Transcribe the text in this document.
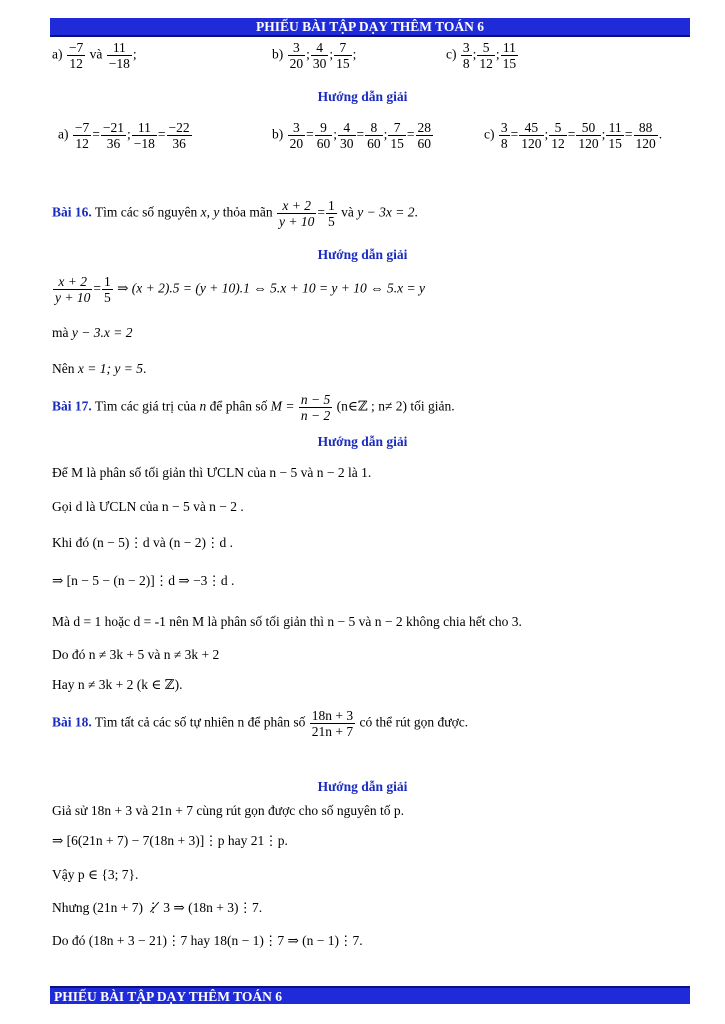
PHIẾU BÀI TẬP DẠY THÊM TOÁN 6
$a) \frac{-7}{12}$ và $\frac{11}{-18}$ ;	$b) \frac{3}{20}$ ; $\frac{4}{30}$ ; $\frac{7}{15}$ ;	$c) \frac{3}{8}$ ; $\frac{5}{12}$ ; $\frac{11}{15}$
Hướng dẫn giải
$a) \frac{-7}{12} = \frac{-21}{36}$ ; $\frac{11}{-18} = \frac{-22}{36}$	$b) \frac{3}{20} = \frac{9}{60}$ ; $\frac{4}{30} = \frac{8}{60}$ ; $\frac{7}{15} = \frac{28}{60}$	$c) \frac{3}{8} = \frac{45}{120}$ ; $\frac{5}{12} = \frac{50}{120}$ ; $\frac{11}{15} = \frac{88}{120}$ .
Bài 16. Tìm các số nguyên x, y thỏa mãn $\frac{x + 2}{y + 10} = \frac{1}{5}$ và y − 3x = 2.
Hướng dẫn giải
$\frac{x + 2}{y + 10} = \frac{1}{5}$ ⇒ (x + 2).5 = (y + 10).1 ⇔ 5.x + 10 = y + 10 ⇔ 5.x = y
mà y − 3.x = 2
Nên x = 1; y = 5.
Bài 17. Tìm các giá trị của n để phân số $M = \frac{n - 5}{n - 2}$ (n∈ℤ ; n≠ 2) tối giản.
Hướng dẫn giải
Để M là phân số tối giản thì ƯCLN của n − 5 và n − 2 là 1.
Gọi d là ƯCLN của n − 5 và n − 2 .
Khi đó (n − 5)⋮d và (n − 2)⋮d .
⇒ [n − 5 − (n − 2)]⋮d ⇒ −3⋮d .
Mà d = 1 hoặc d = -1 nên M là phân số tối giản thì n − 5 và n − 2 không chia hết cho 3.
Do đó n ≠ 3k + 5 và n ≠ 3k + 2
Hay n ≠ 3k + 2 (k ∈ ℤ).
Bài 18. Tìm tất cả các số tự nhiên n để phân số $\frac{18n + 3}{21n + 7}$ có thể rút gọn được.
Hướng dẫn giải
Giả sử 18n + 3 và 21n + 7 cùng rút gọn được cho số nguyên tố p.
⇒ [6(21n + 7) − 7(18n + 3)]⋮p hay 21⋮p.
Vậy p ∈ {3; 7}.
Nhưng (21n + 7) ⋮̸ 3 ⇒ (18n + 3)⋮7.
Do đó (18n + 3 − 21)⋮7 hay 18(n − 1)⋮7 ⇒ (n − 1)⋮7.
PHIẾU BÀI TẬP DẠY THÊM TOÁN 6
